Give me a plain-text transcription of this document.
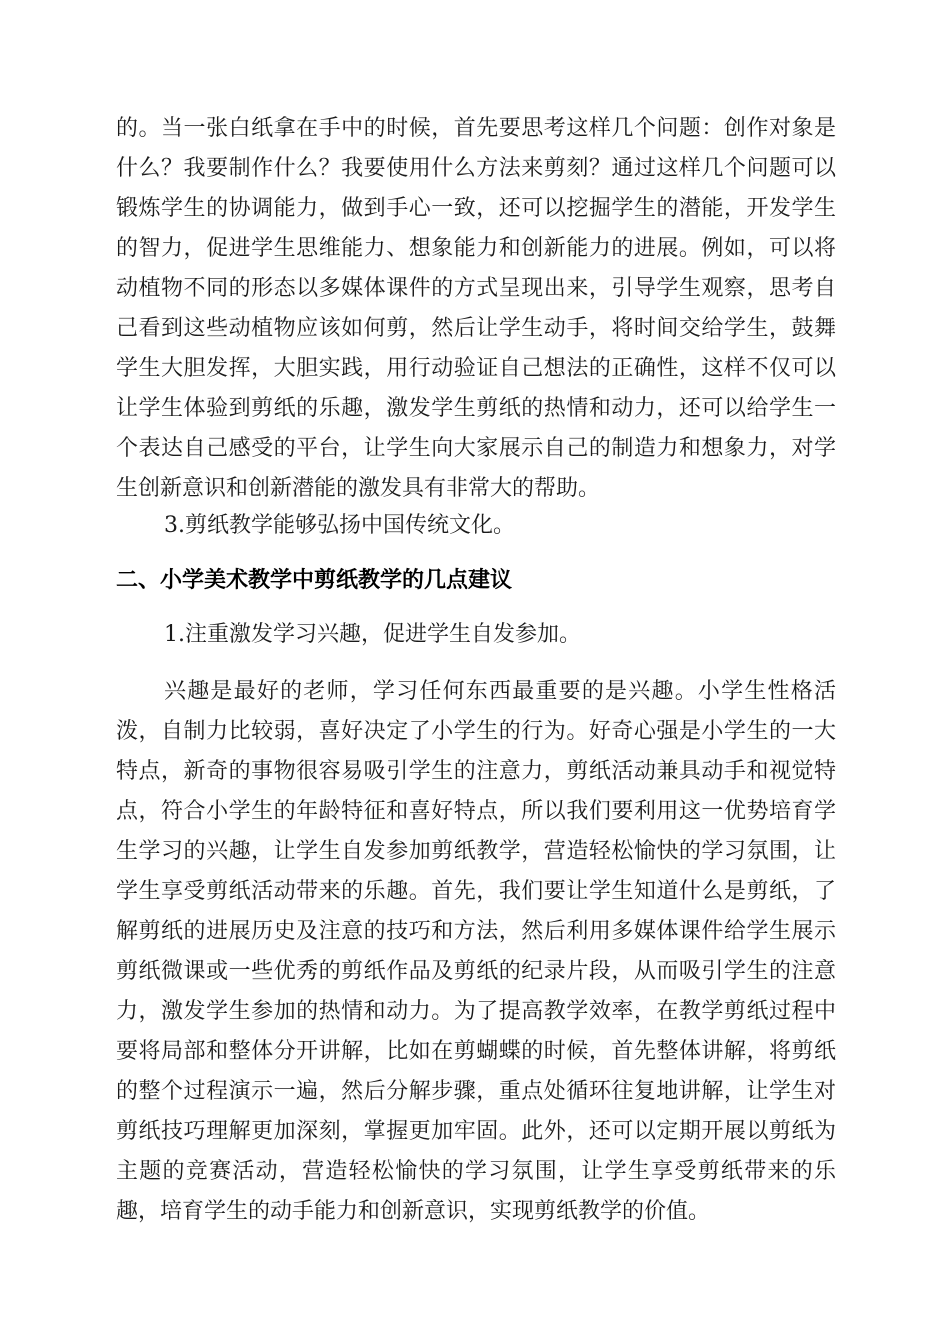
的。当一张白纸拿在手中的时候，首先要思考这样几个问题：创作对象是什么？我要制作什么？我要使用什么方法来剪刻？通过这样几个问题可以锻炼学生的协调能力，做到手心一致，还可以挖掘学生的潜能，开发学生的智力，促进学生思维能力、想象能力和创新能力的进展。例如，可以将动植物不同的形态以多媒体课件的方式呈现出来，引导学生观察，思考自己看到这些动植物应该如何剪，然后让学生动手，将时间交给学生，鼓舞学生大胆发挥，大胆实践，用行动验证自己想法的正确性，这样不仅可以让学生体验到剪纸的乐趣，激发学生剪纸的热情和动力，还可以给学生一个表达自己感受的平台，让学生向大家展示自己的制造力和想象力，对学生创新意识和创新潜能的激发具有非常大的帮助。

3.剪纸教学能够弘扬中国传统文化。

二、小学美术教学中剪纸教学的几点建议

1.注重激发学习兴趣，促进学生自发参加。

兴趣是最好的老师，学习任何东西最重要的是兴趣。小学生性格活泼，自制力比较弱，喜好决定了小学生的行为。好奇心强是小学生的一大特点，新奇的事物很容易吸引学生的注意力，剪纸活动兼具动手和视觉特点，符合小学生的年龄特征和喜好特点，所以我们要利用这一优势培育学生学习的兴趣，让学生自发参加剪纸教学，营造轻松愉快的学习氛围，让学生享受剪纸活动带来的乐趣。首先，我们要让学生知道什么是剪纸，了解剪纸的进展历史及注意的技巧和方法，然后利用多媒体课件给学生展示剪纸微课或一些优秀的剪纸作品及剪纸的纪录片段，从而吸引学生的注意力，激发学生参加的热情和动力。为了提高教学效率，在教学剪纸过程中要将局部和整体分开讲解，比如在剪蝴蝶的时候，首先整体讲解，将剪纸的整个过程演示一遍，然后分解步骤，重点处循环往复地讲解，让学生对剪纸技巧理解更加深刻，掌握更加牢固。此外，还可以定期开展以剪纸为主题的竞赛活动，营造轻松愉快的学习氛围，让学生享受剪纸带来的乐趣，培育学生的动手能力和创新意识，实现剪纸教学的价值。
